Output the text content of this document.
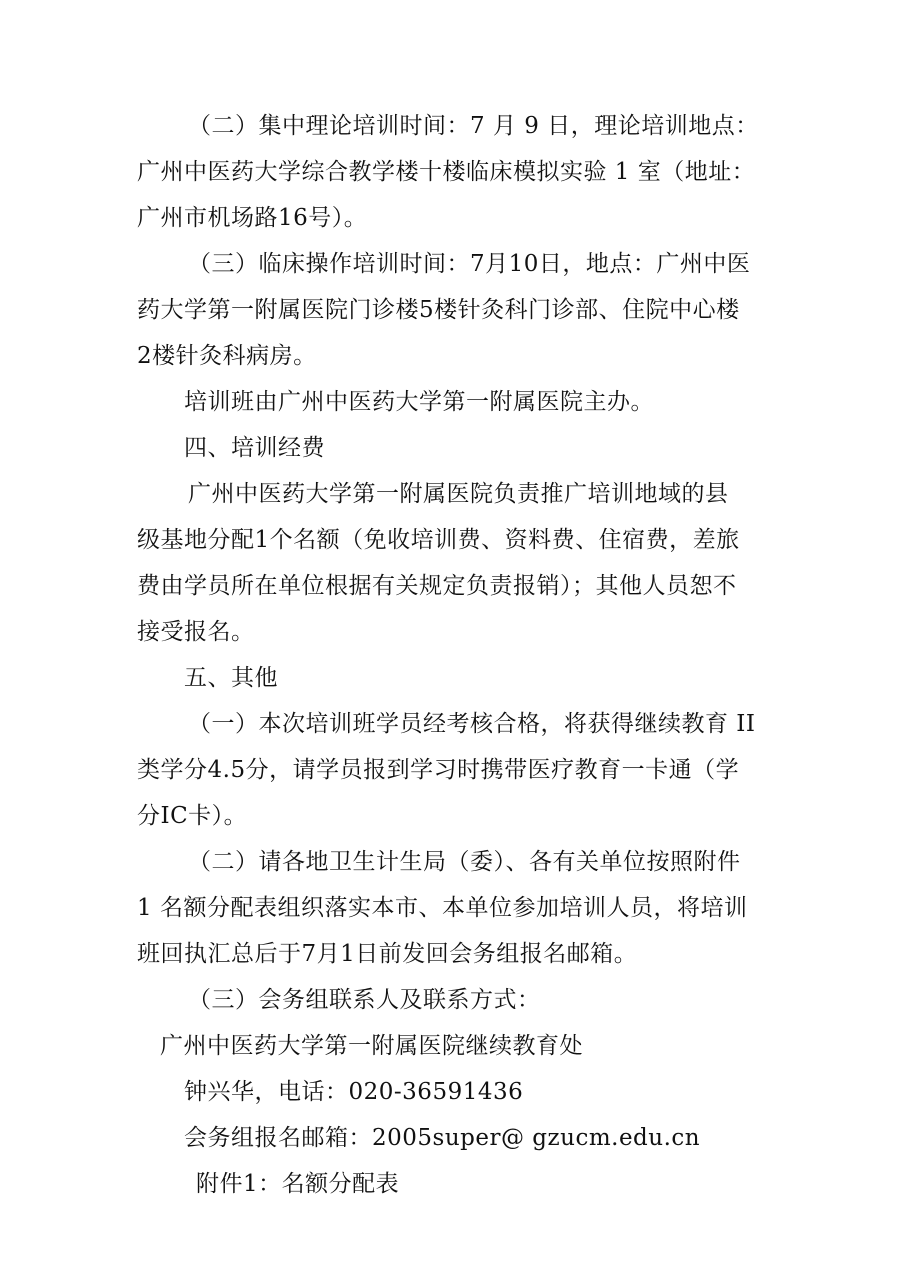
（二）集中理论培训时间：7 月 9 日，理论培训地点：
广州中医药大学综合教学楼十楼临床模拟实验 1 室（地址：
广州市机场路16号）。
（三）临床操作培训时间：7月10日，地点：广州中医
药大学第一附属医院门诊楼5楼针灸科门诊部、住院中心楼
2楼针灸科病房。
培训班由广州中医药大学第一附属医院主办。
四、培训经费
广州中医药大学第一附属医院负责推广培训地域的县
级基地分配1个名额（免收培训费、资料费、住宿费，差旅
费由学员所在单位根据有关规定负责报销）；其他人员恕不
接受报名。
五、其他
（一）本次培训班学员经考核合格，将获得继续教育 II
类学分4.5分，请学员报到学习时携带医疗教育一卡通（学
分IC卡）。
（二）请各地卫生计生局（委）、各有关单位按照附件
1 名额分配表组织落实本市、本单位参加培训人员，将培训
班回执汇总后于7月1日前发回会务组报名邮箱。
（三）会务组联系人及联系方式：
广州中医药大学第一附属医院继续教育处
钟兴华，电话：020-36591436
会务组报名邮箱：2005super@ gzucm.edu.cn
附件1：名额分配表
